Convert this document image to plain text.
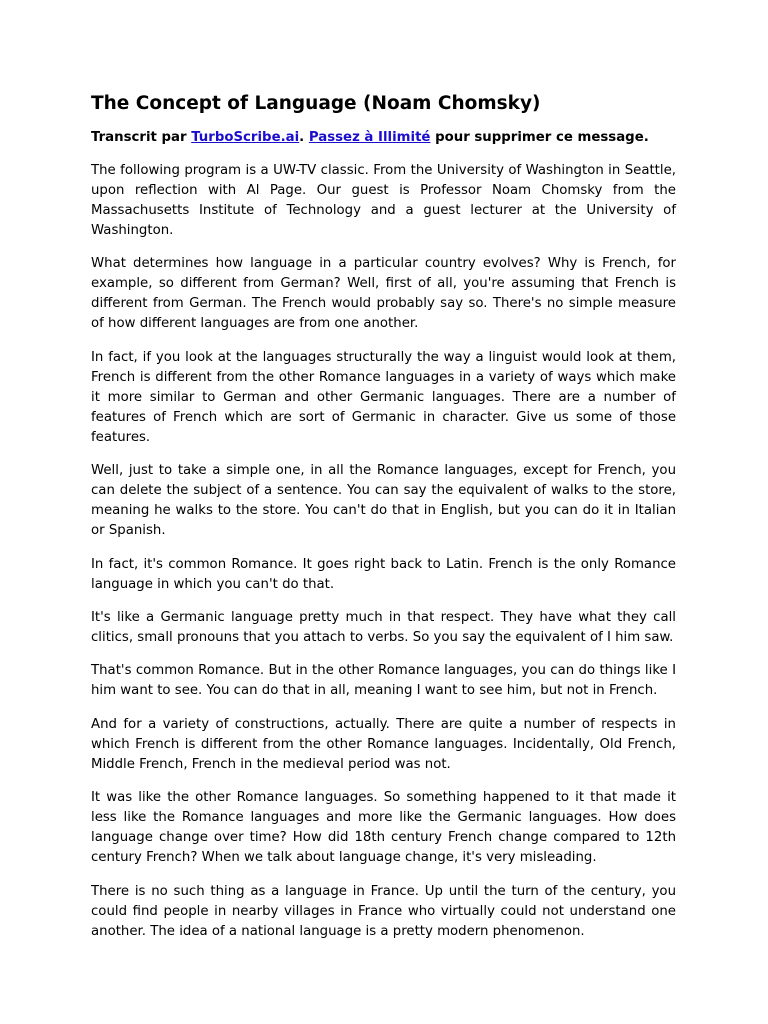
The Concept of Language (Noam Chomsky)

Transcrit par TurboScribe.ai. Passez à Illimité pour supprimer ce message.

The following program is a UW-TV classic. From the University of Washington in Seattle, upon reflection with Al Page. Our guest is Professor Noam Chomsky from the Massachusetts Institute of Technology and a guest lecturer at the University of Washington.

What determines how language in a particular country evolves? Why is French, for example, so different from German? Well, first of all, you're assuming that French is different from German. The French would probably say so. There's no simple measure of how different languages are from one another.

In fact, if you look at the languages structurally the way a linguist would look at them, French is different from the other Romance languages in a variety of ways which make it more similar to German and other Germanic languages. There are a number of features of French which are sort of Germanic in character. Give us some of those features.

Well, just to take a simple one, in all the Romance languages, except for French, you can delete the subject of a sentence. You can say the equivalent of walks to the store, meaning he walks to the store. You can't do that in English, but you can do it in Italian or Spanish.

In fact, it's common Romance. It goes right back to Latin. French is the only Romance language in which you can't do that.

It's like a Germanic language pretty much in that respect. They have what they call clitics, small pronouns that you attach to verbs. So you say the equivalent of I him saw.

That's common Romance. But in the other Romance languages, you can do things like I him want to see. You can do that in all, meaning I want to see him, but not in French.

And for a variety of constructions, actually. There are quite a number of respects in which French is different from the other Romance languages. Incidentally, Old French, Middle French, French in the medieval period was not.

It was like the other Romance languages. So something happened to it that made it less like the Romance languages and more like the Germanic languages. How does language change over time? How did 18th century French change compared to 12th century French? When we talk about language change, it's very misleading.

There is no such thing as a language in France. Up until the turn of the century, you could find people in nearby villages in France who virtually could not understand one another. The idea of a national language is a pretty modern phenomenon.
